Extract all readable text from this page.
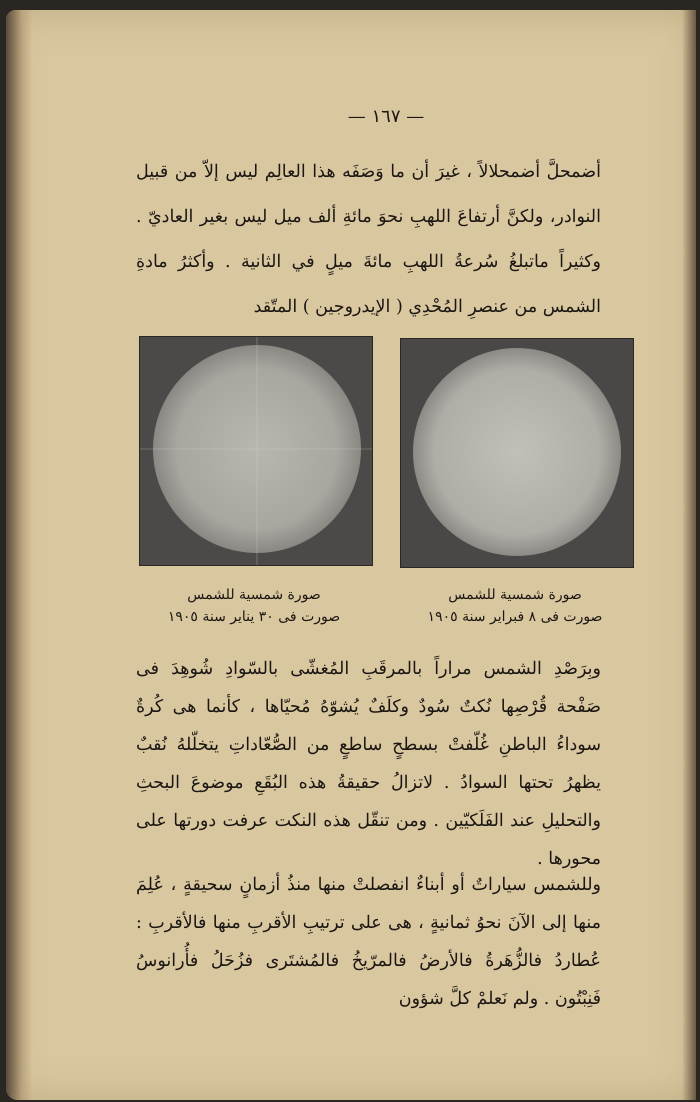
— ١٦٧ —
أضمحلَّ أضمحلالاً ، غيرَ أن ما وَصَفَه هذا العالِم ليس إلاّ من قبيل النوادر، ولكنَّ أرتفاعَ اللهبِ نحوَ مائةِ ألف ميل ليس بغير العاديّ . وكثيراً ماتبلغُ سُرعةُ اللهبِ مائةَ ميلٍ في الثانية . وأكثرُ مادةِ الشمس من عنصرِ المُحْدِي ( الإيدروجين ) المتّقد
صورة شمسية للشمس
صورت فى ٣٠ يناير سنة ١٩٠٥
صورة شمسية للشمس
صورت فى ٨ فبراير سنة ١٩٠٥
وبِرَصْدِ الشمس مراراً بالمرقَبِ المُغشّى بالسّوادِ شُوهِدَ فى صَفْحة قُرْصِها نُكتٌ سُودٌ وكلَفٌ يُشوّهُ مُحيّاها ، كأنما هى كُرةٌ سوداءُ الباطنِ غُلّفتْ بسطحٍ ساطعٍ من الصُّعّاداتِ يتخلّلهُ نُقبٌ يظهرُ تحتها السوادُ . لاتزالُ حقيقةُ هذه البُقَعِ موضوعَ البحثِ والتحليلِ عند الفَلَكيّين . ومن تنقّل هذه النكت عرفت دورتها على محورها .
وللشمس سياراتٌ أو أبناءٌ انفصلتْ منها منذُ أزمانٍ سحيقةٍ ، عُلِمَ منها إلى الآنَ نحوُ ثمانيةٍ ، هى على ترتيبِ الأقربِ منها فالأقربِ : عُطاردُ فالزُّهَرةُ فالأرضُ فالمرّيخُ فالمُشتَرى فزُحَلُ فأُرانوسُ فَنِبْتُون . ولم نَعلمْ كلَّ شؤون
